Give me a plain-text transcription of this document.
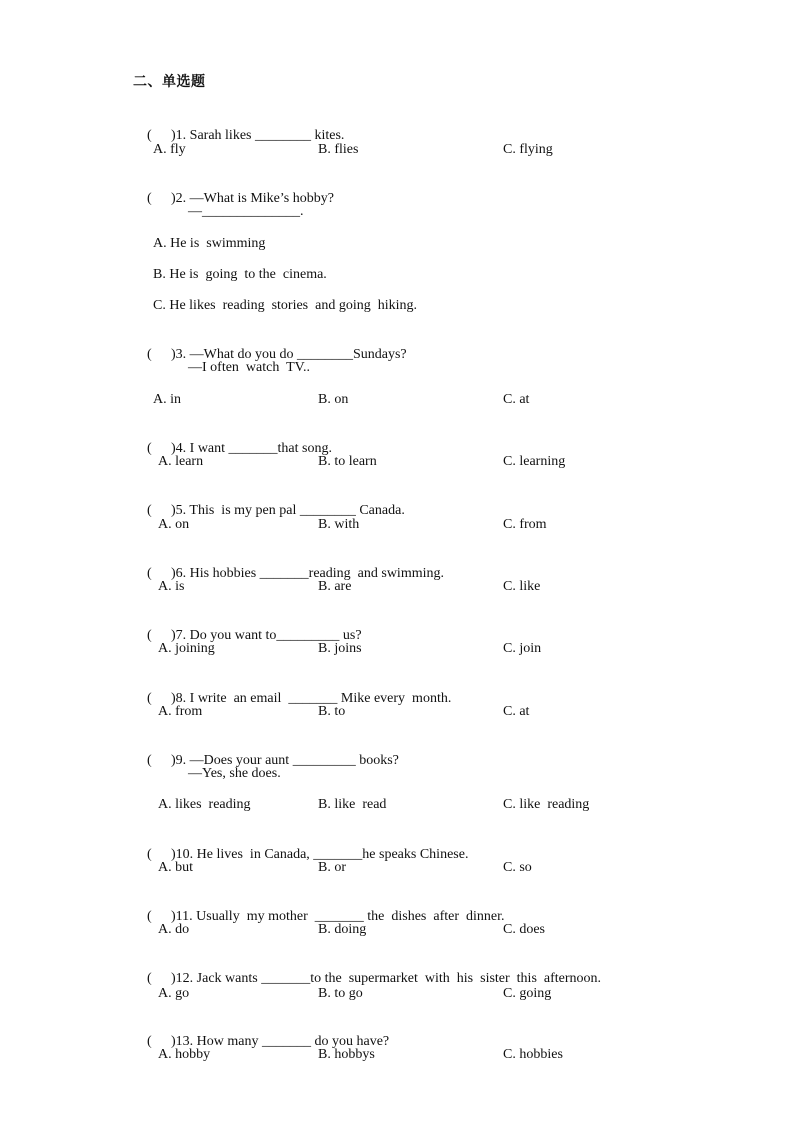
二、单选题

( )1. Sarah likes ________ kites.

A. fly	B. flies	C. flying

( )2. —What is Mike’s hobby?

—______________.
A. He is  swimming
B. He is  going  to the  cinema.
C. He likes  reading  stories  and going  hiking.

( )3. —What do you do ________Sundays?

—I often  watch  TV..
A. in	B. on	C. at

( )4. I want _______that song.

A. learn	B. to learn	C. learning

( )5. This  is my pen pal ________ Canada.

A. on	B. with	C. from

( )6. His hobbies _______reading  and swimming.

A. is	B. are	C. like

( )7. Do you want to_________ us?

A. joining	B. joins	C. join

( )8. I write  an email  _______ Mike every  month.

A. from	B. to	C. at

( )9. —Does your aunt _________ books?

—Yes, she does.
A. likes  reading	B. like  read	C. like  reading

( )10. He lives  in Canada, _______he speaks Chinese.

A. but	B. or	C. so

( )11. Usually  my mother  _______ the  dishes  after  dinner.

A. do	B. doing	C. does

( )12. Jack wants _______to the  supermarket  with  his  sister  this  afternoon.

A. go	B. to go	C. going

( )13. How many _______ do you have?

A. hobby	B. hobbys	C. hobbies
